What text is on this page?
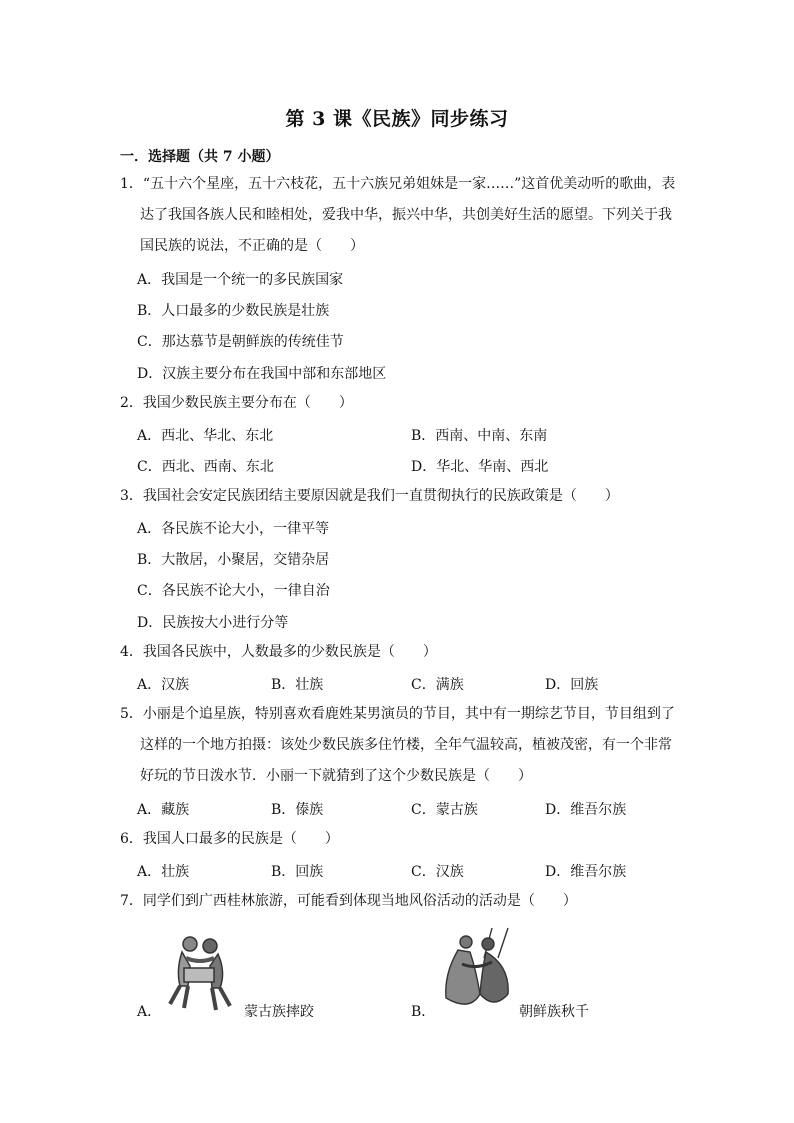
第 3 课《民族》同步练习
一．选择题（共 7 小题）
1．“五十六个星座，五十六枝花，五十六族兄弟姐妹是一家……”这首优美动听的歌曲，表
达了我国各族人民和睦相处，爱我中华，振兴中华，共创美好生活的愿望。下列关于我
国民族的说法，不正确的是（　　）
A．我国是一个统一的多民族国家
B．人口最多的少数民族是壮族
C．那达慕节是朝鲜族的传统佳节
D．汉族主要分布在我国中部和东部地区
2．我国少数民族主要分布在（　　）
A．西北、华北、东北	B．西南、中南、东南
C．西北、西南、东北	D．华北、华南、西北
3．我国社会安定民族团结主要原因就是我们一直贯彻执行的民族政策是（　　）
A．各民族不论大小，一律平等
B．大散居，小聚居，交错杂居
C．各民族不论大小，一律自治
D．民族按大小进行分等
4．我国各民族中，人数最多的少数民族是（　　）
A．汉族	B．壮族	C．满族	D．回族
5．小丽是个追星族，特别喜欢看鹿姓某男演员的节目，其中有一期综艺节目，节目组到了
这样的一个地方拍摄：该处少数民族多住竹楼，全年气温较高，植被茂密，有一个非常
好玩的节日泼水节．小丽一下就猜到了这个少数民族是（　　）
A．藏族	B．傣族	C．蒙古族	D．维吾尔族
6．我国人口最多的民族是（　　）
A．壮族	B．回族	C．汉族	D．维吾尔族
7．同学们到广西桂林旅游，可能看到体现当地风俗活动的活动是（　　）
A．	蒙古族摔跤	B．	朝鲜族秋千
